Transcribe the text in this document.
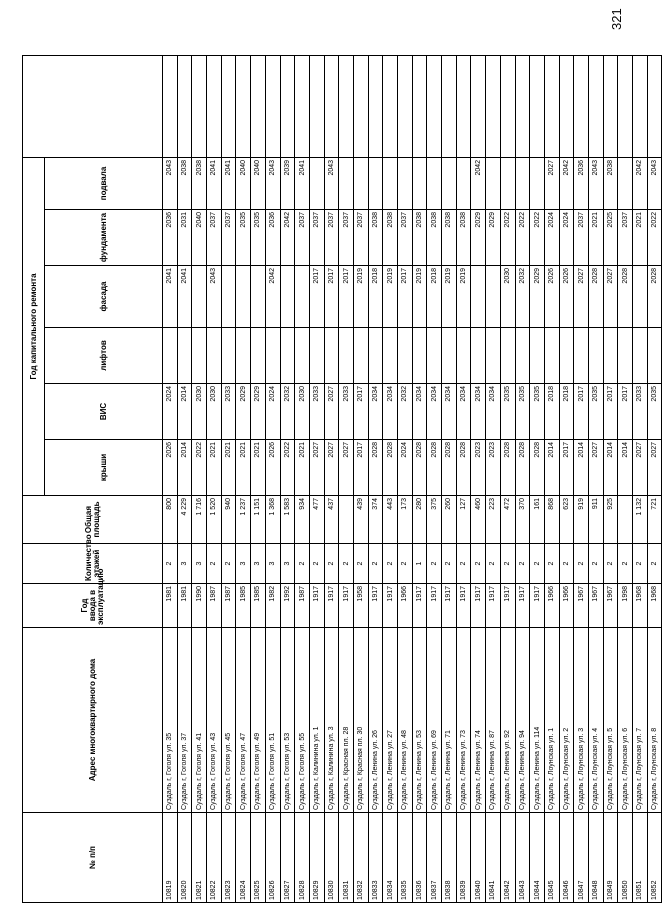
321
№ п/п	Адрес многоквартирного дома	Год ввода в эксплуатацию	Количество этажей	Общая площадь	Год капитального ремонта						
					крыши	ВИС	лифтов	фасада	фундамента	подвала	
10819	Суздаль г, Гоголя ул. 35	1981	2	800	2026	2024		2041	2036	2043	
10820	Суздаль г, Гоголя ул. 37	1981	3	4 229	2014	2014		2041	2031	2038	
10821	Суздаль г, Гоголя ул. 41	1990	3	1 716	2022	2030			2040	2038	
10822	Суздаль г, Гоголя ул. 43	1987	2	1 520	2021	2030		2043	2037	2041	
10823	Суздаль г, Гоголя ул. 45	1987	2	940	2021	2033			2037	2041	
10824	Суздаль г, Гоголя ул. 47	1985	3	1 237	2021	2029			2035	2040	
10825	Суздаль г, Гоголя ул. 49	1985	3	1 151	2021	2029			2035	2040	
10826	Суздаль г, Гоголя ул. 51	1982	3	1 368	2026	2024		2042	2036	2043	
10827	Суздаль г, Гоголя ул. 53	1992	3	1 583	2022	2032			2042	2039	
10828	Суздаль г, Гоголя ул. 55	1987	2	934	2021	2030			2037	2041	
10829	Суздаль г, Калинина ул. 1	1917	2	477	2027	2033		2017	2037		
10830	Суздаль г, Калинина ул. 3	1917	2	437	2027	2027		2017	2037	2043	
10831	Суздаль г, Красная пл. 28	1917	2		2027	2033		2017	2037		
10832	Суздаль г, Красная пл. 30	1958	2	439	2017	2017		2019	2037		
10833	Суздаль г, Ленина ул. 26	1917	2	374	2028	2034		2018	2038		
10834	Суздаль г, Ленина ул. 27	1917	2	443	2028	2034		2019	2038		
10835	Суздаль г, Ленина ул. 48	1966	2	173	2024	2032		2017	2037		
10836	Суздаль г, Ленина ул. 53	1917	1	280	2028	2034		2019	2038		
10837	Суздаль г, Ленина ул. 69	1917	2	375	2028	2034		2018	2038		
10838	Суздаль г, Ленина ул. 71	1917	2	260	2028	2034		2019	2038		
10839	Суздаль г, Ленина ул. 73	1917	2	127	2028	2034		2019	2038		
10840	Суздаль г, Ленина ул. 74	1917	2	460	2023	2034			2029	2042	
10841	Суздаль г, Ленина ул. 87	1917	2	223	2023	2034			2029		
10842	Суздаль г, Ленина ул. 92	1917	2	472	2028	2035		2030	2022		
10843	Суздаль г, Ленина ул. 94	1917	2	370	2028	2035		2032	2022		
10844	Суздаль г, Ленина ул. 114	1917	2	161	2028	2035		2029	2022		
10845	Суздаль г, Лоунская ул. 1	1966	2	868	2014	2018		2026	2024	2027	
10846	Суздаль г, Лоунская ул. 2	1966	2	623	2017	2018		2026	2024	2042	
10847	Суздаль г, Лоунская ул. 3	1967	2	919	2014	2017		2027	2037	2036	
10848	Суздаль г, Лоунская ул. 4	1967	2	911	2027	2035		2028	2021	2043	
10849	Суздаль г, Лоунская ул. 5	1967	2	925	2014	2017		2027	2025	2038	
10850	Суздаль г, Лоунская ул. 6	1998	2		2014	2017		2028	2037		
10851	Суздаль г, Лоунская ул. 7	1968	2	1 132	2027	2033			2021	2042	
10852	Суздаль г, Лоунская ул. 8	1968	2	721	2027	2035		2028	2022	2043	
